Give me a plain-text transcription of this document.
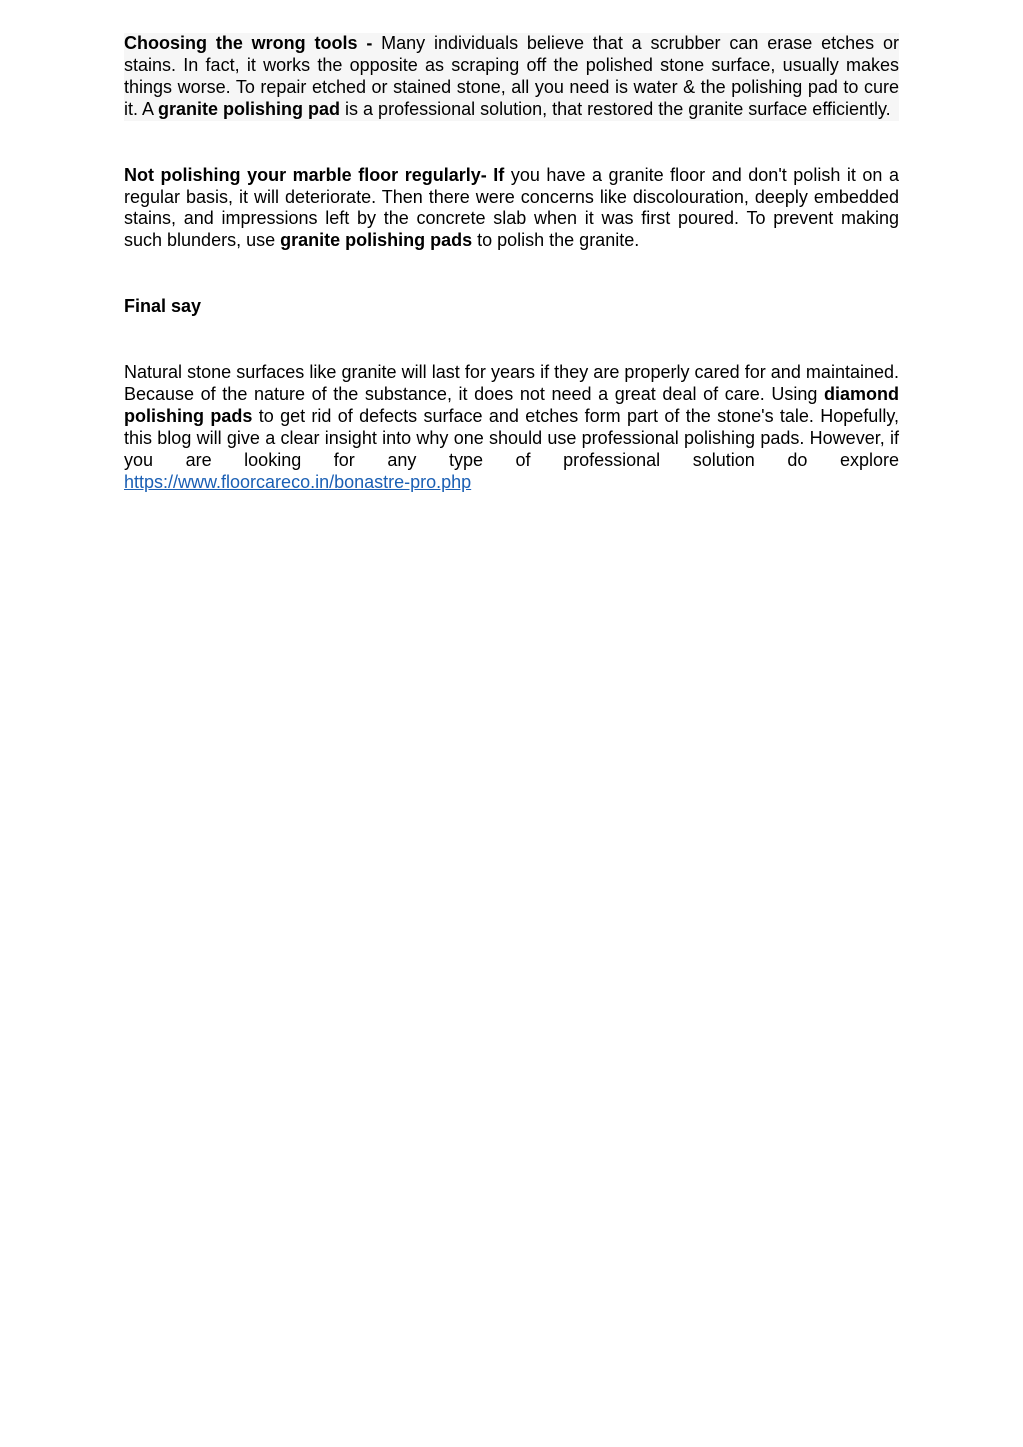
Choosing the wrong tools - Many individuals believe that a scrubber can erase etches or stains. In fact, it works the opposite as scraping off the polished stone surface, usually makes things worse. To repair etched or stained stone, all you need is water & the polishing pad to cure it. A granite polishing pad is a professional solution, that restored the granite surface efficiently.

Not polishing your marble floor regularly- If you have a granite floor and don't polish it on a regular basis, it will deteriorate. Then there were concerns like discolouration, deeply embedded stains, and impressions left by the concrete slab when it was first poured. To prevent making such blunders, use granite polishing pads to polish the granite.

Final say

Natural stone surfaces like granite will last for years if they are properly cared for and maintained. Because of the nature of the substance, it does not need a great deal of care. Using diamond polishing pads to get rid of defects surface and etches form part of the stone's tale. Hopefully, this blog will give a clear insight into why one should use professional polishing pads. However, if you are looking for any type of professional solution do explore https://www.floorcareco.in/bonastre-pro.php
